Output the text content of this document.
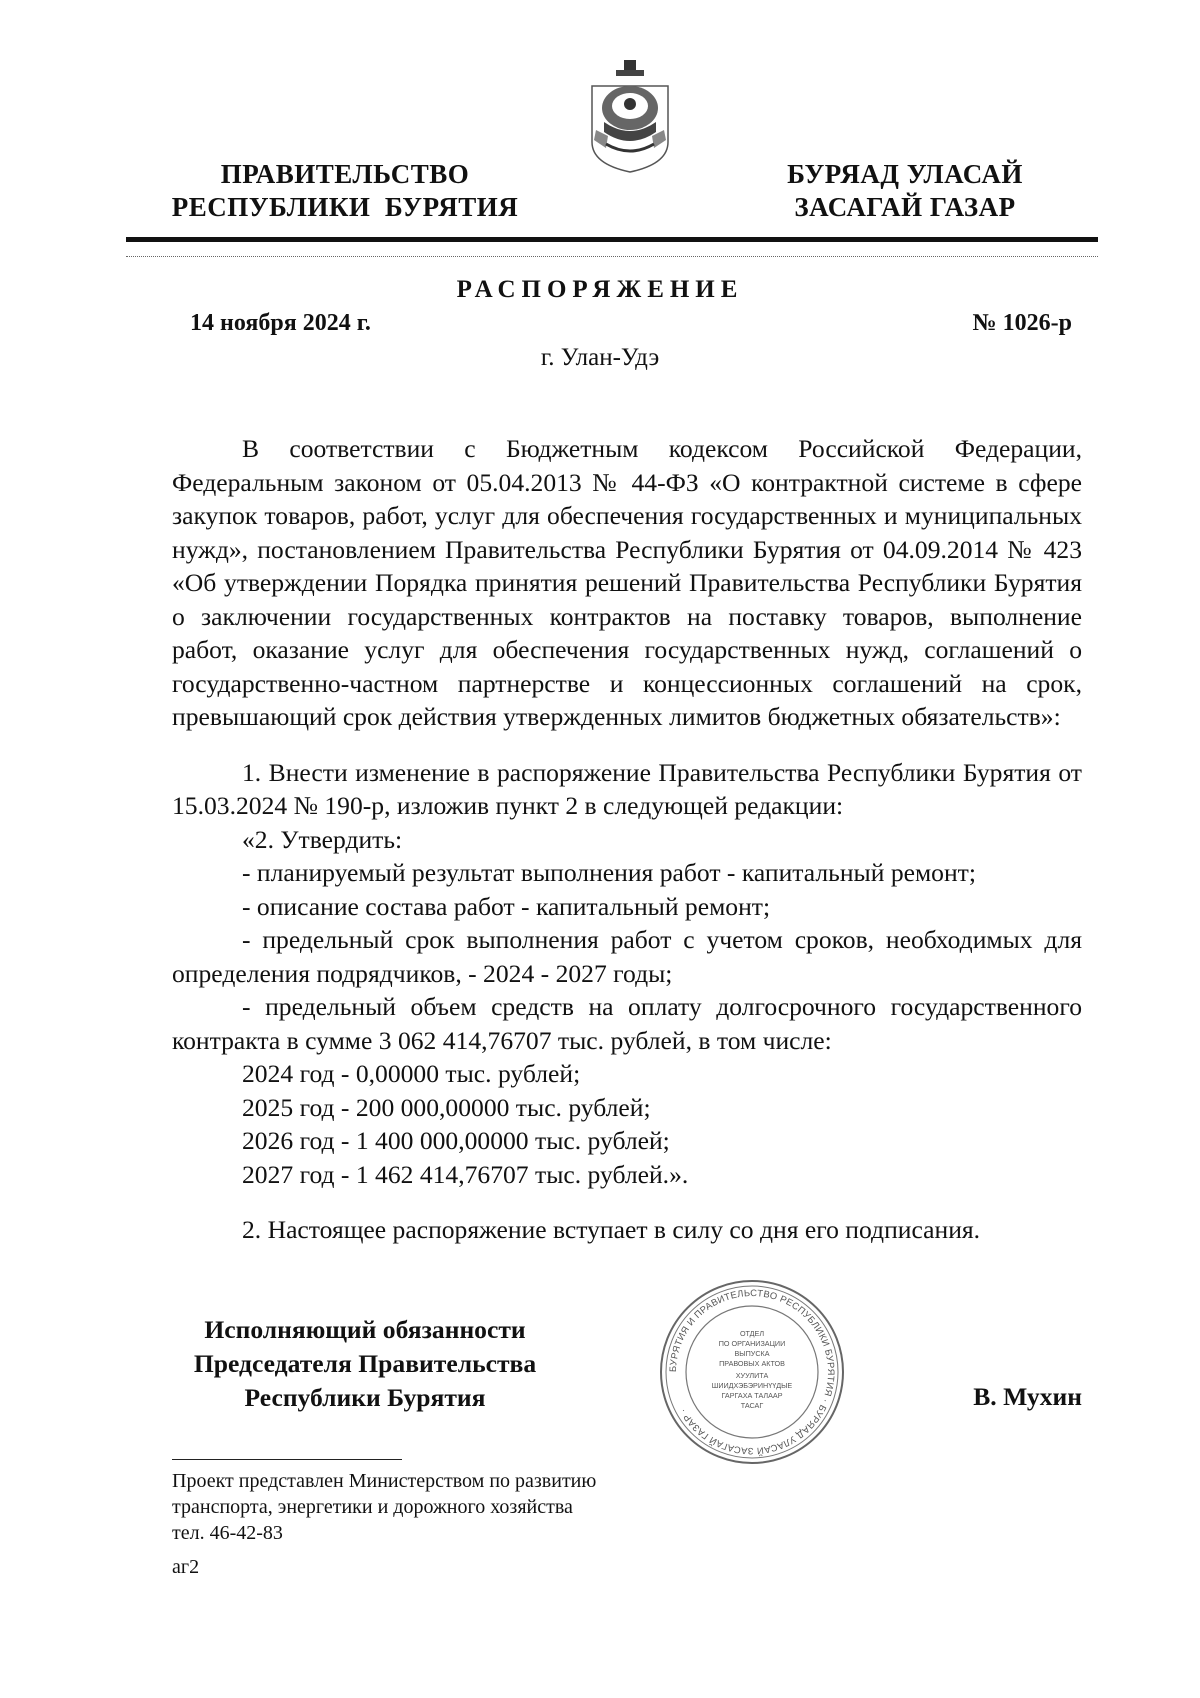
ПРАВИТЕЛЬСТВО
РЕСПУБЛИКИ  БУРЯТИЯ
БУРЯАД УЛАСАЙ
ЗАСАГАЙ ГАЗАР
РАСПОРЯЖЕНИЕ
14 ноября 2024 г.	№ 1026-р
г. Улан-Удэ

В соответствии с Бюджетным кодексом Российской Федерации, Федеральным законом от 05.04.2013 № 44-ФЗ «О контрактной системе в сфере закупок товаров, работ, услуг для обеспечения государственных и муниципальных нужд», постановлением Правительства Республики Бурятия от 04.09.2014 № 423 «Об утверждении Порядка принятия решений Правительства Республики Бурятия о заключении государственных контрактов на поставку товаров, выполнение работ, оказание услуг для обеспечения государственных нужд, соглашений о государственно-частном партнерстве и концессионных соглашений на срок, превышающий срок действия утвержденных лимитов бюджетных обязательств»:

1. Внести изменение в распоряжение Правительства Республики Бурятия от 15.03.2024 № 190-р, изложив пункт 2 в следующей редакции:

«2. Утвердить:

- планируемый результат выполнения работ - капитальный ремонт;

- описание состава работ - капитальный ремонт;

- предельный срок выполнения работ с учетом сроков, необходимых для определения подрядчиков, - 2024 - 2027 годы;

- предельный объем средств на оплату долгосрочного государственного контракта в сумме 3 062 414,76707 тыс. рублей, в том числе:

2024 год - 0,00000 тыс. рублей;

2025 год - 200 000,00000 тыс. рублей;

2026 год - 1 400 000,00000 тыс. рублей;

2027 год - 1 462 414,76707 тыс. рублей.».

2. Настоящее распоряжение вступает в силу со дня его подписания.

Исполняющий обязанности
Председателя Правительства
Республики Бурятия
БУРЯТИЯ И ПРАВИТЕЛЬСТВО РЕСПУБЛИКИ БУРЯТИЯ · БУРЯАД УЛАСАЙ ЗАСАГАЙ ГАЗАР ·
ОТДЕЛ
ПО ОРГАНИЗАЦИИ
ВЫПУСКА
ПРАВОВЫХ АКТОВ
ХУУЛИТА
ШИИДХЭБЭРИНҮҮДЫЕ
ГАРГАХА ТАЛААР
ТАСАГ	В. Мухин
Проект представлен Министерством по развитию
транспорта, энергетики и дорожного хозяйства
тел. 46-42-83
аг2
